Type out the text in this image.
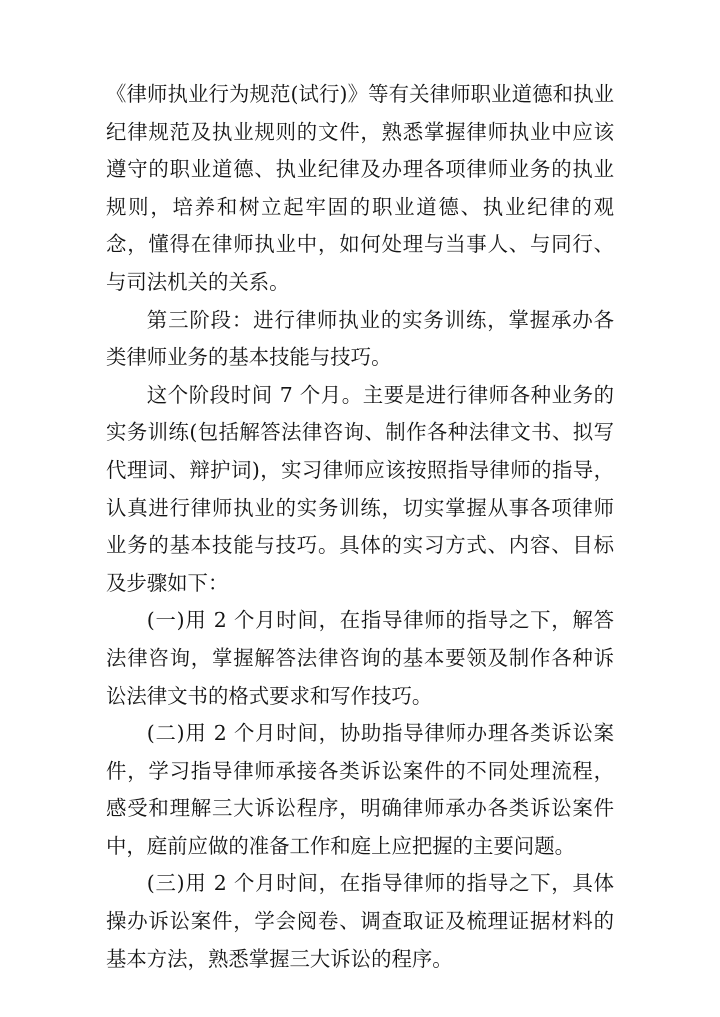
《律师执业行为规范(试行)》等有关律师职业道德和执业纪律规范及执业规则的文件，熟悉掌握律师执业中应该遵守的职业道德、执业纪律及办理各项律师业务的执业规则，培养和树立起牢固的职业道德、执业纪律的观念，懂得在律师执业中，如何处理与当事人、与同行、与司法机关的关系。

第三阶段：进行律师执业的实务训练，掌握承办各类律师业务的基本技能与技巧。

这个阶段时间 7 个月。主要是进行律师各种业务的实务训练(包括解答法律咨询、制作各种法律文书、拟写代理词、辩护词)，实习律师应该按照指导律师的指导，认真进行律师执业的实务训练，切实掌握从事各项律师业务的基本技能与技巧。具体的实习方式、内容、目标及步骤如下：

(一)用 2 个月时间，在指导律师的指导之下，解答法律咨询，掌握解答法律咨询的基本要领及制作各种诉讼法律文书的格式要求和写作技巧。

(二)用 2 个月时间，协助指导律师办理各类诉讼案件，学习指导律师承接各类诉讼案件的不同处理流程，感受和理解三大诉讼程序，明确律师承办各类诉讼案件中，庭前应做的准备工作和庭上应把握的主要问题。

(三)用 2 个月时间，在指导律师的指导之下，具体操办诉讼案件，学会阅卷、调查取证及梳理证据材料的基本方法，熟悉掌握三大诉讼的程序。
